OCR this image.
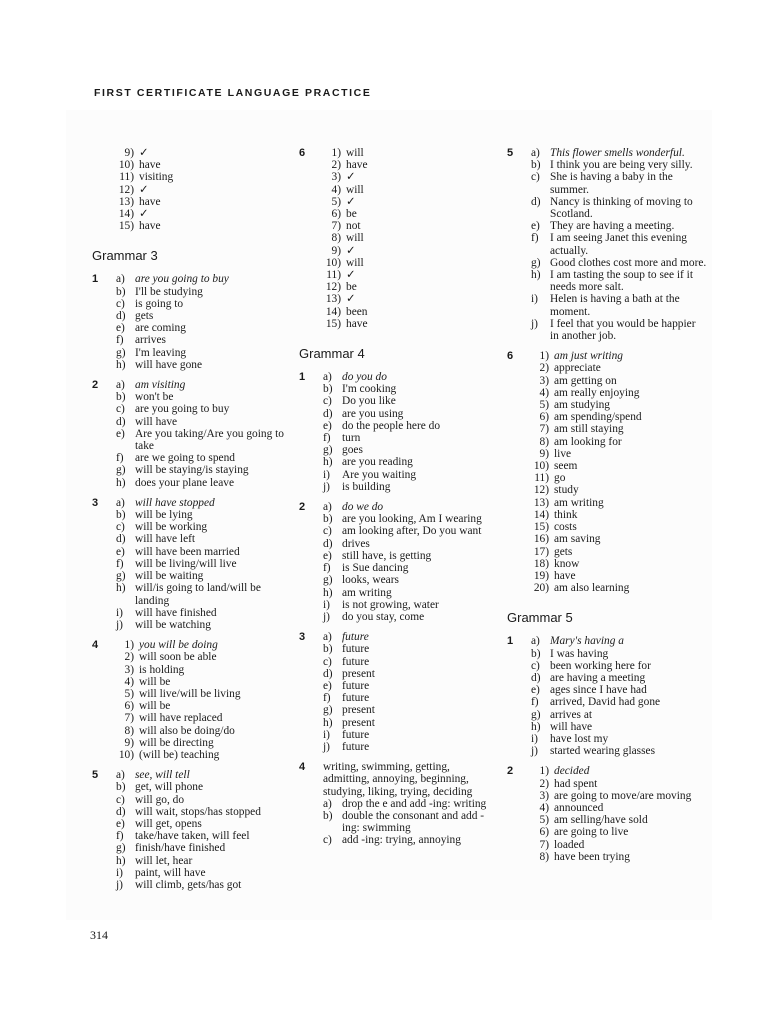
FIRST CERTIFICATE LANGUAGE PRACTICE
9) ✓
10) have
11) visiting
12) ✓
13) have
14) ✓
15) have
Grammar 3
1 a) are you going to buy
b) I'll be studying
c) is going to
d) gets
e) are coming
f)	arrives
g) I'm leaving
h) will have gone
2 a) am visiting
b) won't be
c) are you going to buy
d) will have
e) Are you taking/Are you going to take
f)	are we going to spend
g) will be staying/is staying
h) does your plane leave
3 a) will have stopped
b) will be lying
c) will be working
d) will have left
e) will have been married
f)	will be living/will live
g) will be waiting
h) will/is going to land/will be landing
i)	will have finished
j)	will be watching
4	1) you will be doing
2) will soon be able
3) is holding
4) will be
5) will live/will be living
6) will be
7) will have replaced
8) will also be doing/do
9) will be directing
10) (will be) teaching
5 a) see, will tell
b) get, will phone
c) will go, do
d) will wait, stops/has stopped
e) will get, opens
f)	take/have taken, will feel
g) finish/have finished
h) will let, hear
i)	paint, will have
j)	will climb, gets/has got
6	1) will
2) have
3) ✓
4) will
5) ✓
6) be
7) not
8) will
9) ✓
10) will
11) ✓
12) be
13) ✓
14) been
15) have
Grammar 4
1 a) do you do
b) I'm cooking
c) Do you like
d) are you using
e) do the people here do
f)	turn
g) goes
h) are you reading
i)	Are you waiting
j)	is building
2 a) do we do
b) are you looking, Am I wearing
c) am looking after, Do you want
d) drives
e) still have, is getting
f)	is Sue dancing
g) looks, wears
h) am writing
i)	is not growing, water
j)	do you stay, come
3 a) future
b) future
c) future
d) present
e) future
f)	future
g) present
h) present
i)	future
j)	future
4 writing, swimming, getting, admitting, annoying, beginning, studying, liking, trying, deciding
a) drop the e and add -ing: writing
b) double the consonant and add -ing: swimming
c) add -ing: trying, annoying
5 a) This flower smells wonderful.
b) I think you are being very silly.
c) She is having a baby in the summer.
d) Nancy is thinking of moving to Scotland.
e) They are having a meeting.
f)	I am seeing Janet this evening actually.
g) Good clothes cost more and more.
h) I am tasting the soup to see if it needs more salt.
i)	Helen is having a bath at the moment.
j)	I feel that you would be happier in another job.
6	1) am just writing
2) appreciate
3) am getting on
4) am really enjoying
5) am studying
6) am spending/spend
7) am still staying
8) am looking for
9) live
10) seem
11) go
12) study
13) am writing
14) think
15) costs
16) am saving
17) gets
18) know
19) have
20) am also learning
Grammar 5
1 a) Mary's having a
b) I was having
c) been working here for
d) are having a meeting
e) ages since I have had
f)	arrived, David had gone
g) arrives at
h) will have
i)	have lost my
j)	started wearing glasses
2	1) decided
2) had spent
3) are going to move/are moving
4) announced
5) am selling/have sold
6) are going to live
7) loaded
8) have been trying
314
